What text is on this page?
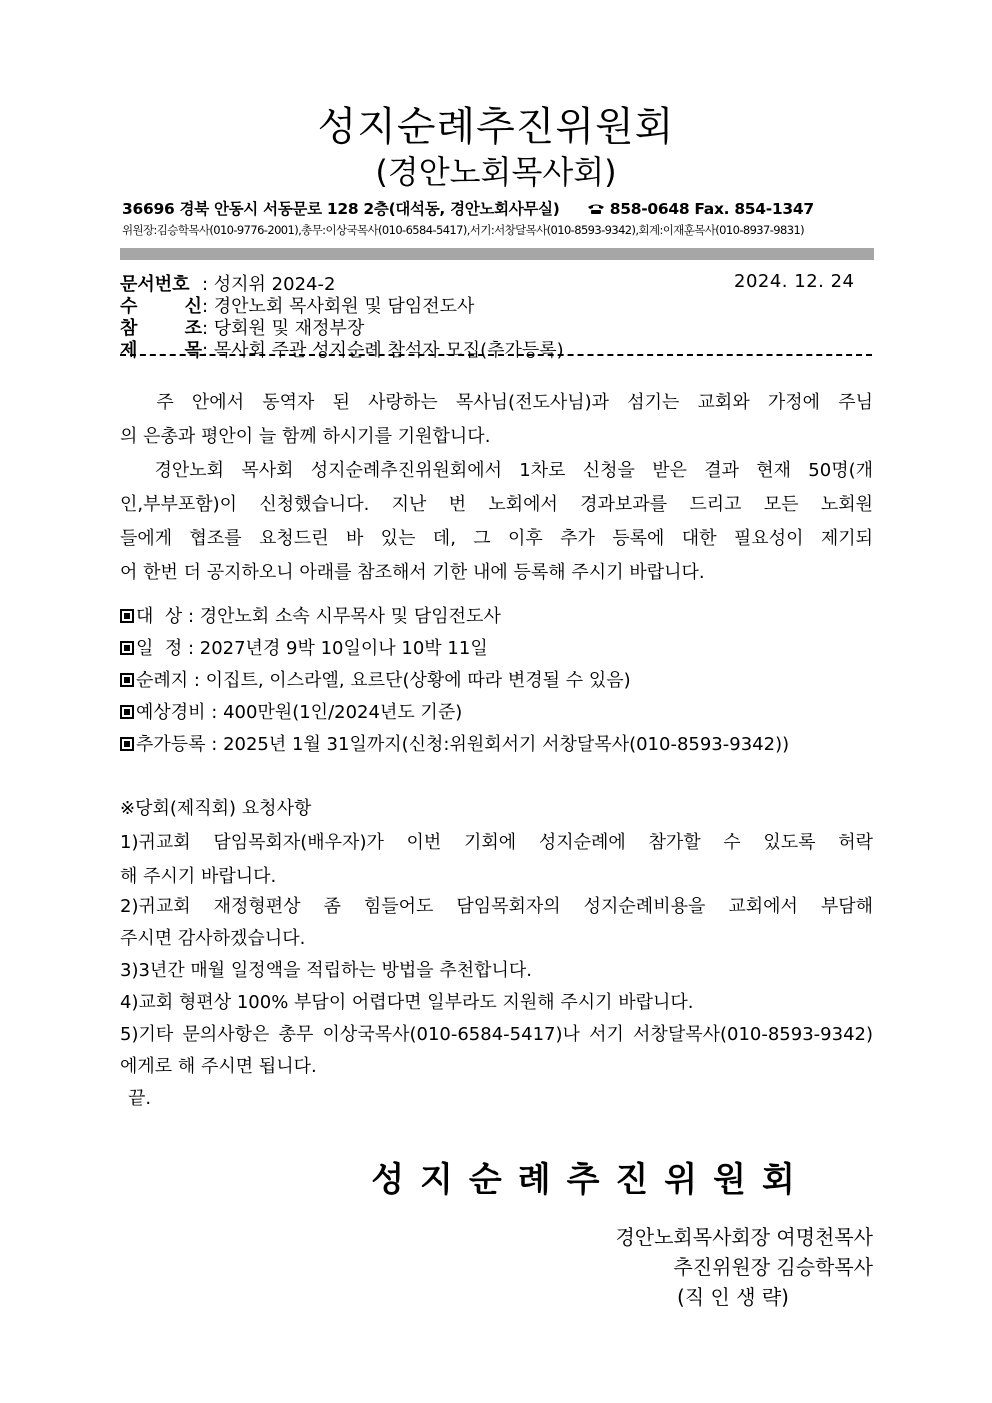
성지순례추진위원회
(경안노회목사회)
36696 경북 안동시 서동문로 128 2층(대석동, 경안노회사무실)	858-0648 Fax. 854-1347
위원장:김승학목사(010-9776-2001),총무:이상국목사(010-6584-5417),서기:서창달목사(010-8593-9342),회계:이재훈목사(010-8937-9831)
문서번호 : 성지위 2024-2	2024. 12. 24
수 신: 경안노회 목사회원 및 담임전도사
참 조: 당회원 및 재정부장
제 목: 목사회 주관 성지순례 참석자 모집(추가등록)
주 안에서 동역자 된 사랑하는 목사님(전도사님)과 섬기는 교회와 가정에 주님
의 은총과 평안이 늘 함께 하시기를 기원합니다.
경안노회 목사회 성지순례추진위원회에서 1차로 신청을 받은 결과 현재 50명(개
인,부부포함)이 신청했습니다. 지난 번 노회에서 경과보과를 드리고 모든 노회원
들에게 협조를 요청드린 바 있는 데, 그 이후 추가 등록에 대한 필요성이 제기되
어 한번 더 공지하오니 아래를 참조해서 기한 내에 등록해 주시기 바랍니다.
대  상 : 경안노회 소속 시무목사 및 담임전도사
일  정 : 2027년경 9박 10일이나 10박 11일
순례지 : 이집트, 이스라엘, 요르단(상황에 따라 변경될 수 있음)
예상경비 : 400만원(1인/2024년도 기준)
추가등록 : 2025년 1월 31일까지(신청:위원회서기 서창달목사(010-8593-9342))
※당회(제직회) 요청사항
1)귀교회 담임목회자(배우자)가 이번 기회에 성지순례에 참가할 수 있도록 허락
해 주시기 바랍니다.
2)귀교회 재정형편상 좀 힘들어도 담임목회자의 성지순례비용을 교회에서 부담해
주시면 감사하겠습니다.
3)3년간 매월 일정액을 적립하는 방법을 추천합니다.
4)교회 형편상 100% 부담이 어렵다면 일부라도 지원해 주시기 바랍니다.
5)기타 문의사항은 총무 이상국목사(010-6584-5417)나 서기 서창달목사(010-8593-9342)
에게로 해 주시면 됩니다.
끝.
성지순례추진위원회
경안노회목사회장 여명천목사
추진위원장 김승학목사
(직 인 생 략)
